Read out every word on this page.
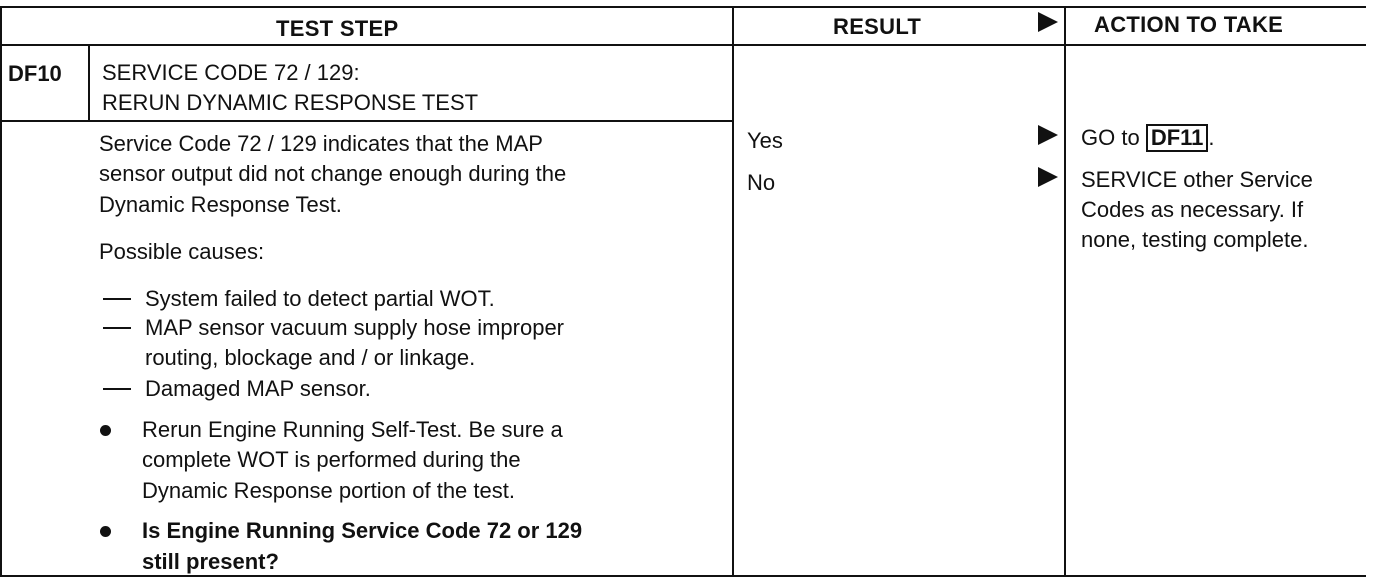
TEST STEP	RESULT	ACTION TO TAKE
DF10 SERVICE CODE 72 / 129:
RERUN DYNAMIC RESPONSE TEST
Service Code 72 / 129 indicates that the MAP
sensor output did not change enough during the
Dynamic Response Test.
Possible causes:
System failed to detect partial WOT.
MAP sensor vacuum supply hose improper
routing, blockage and / or linkage.
Damaged MAP sensor.
Rerun Engine Running Self-Test. Be sure a
complete WOT is performed during the
Dynamic Response portion of the test.
Is Engine Running Service Code 72 or 129
still present?
Yes
No
GO to DF11 .
SERVICE other Service
Codes as necessary. If
none, testing complete.
